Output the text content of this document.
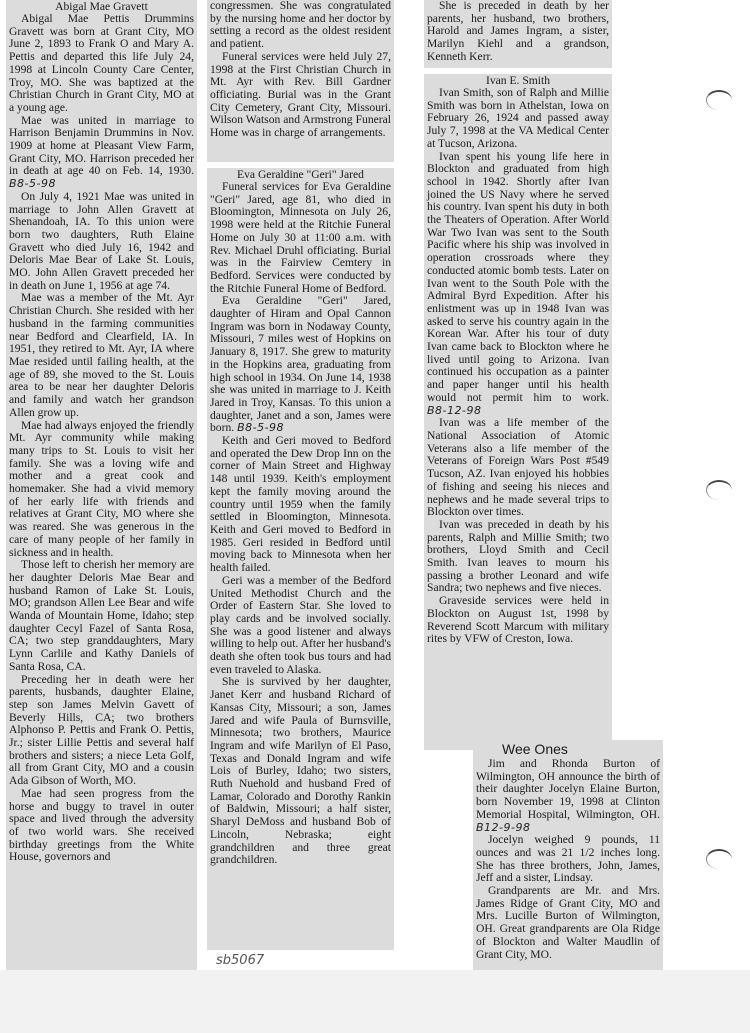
Abigal Mae Gravett

Abigal Mae Pettis Drummins Gravett was born at Grant City, MO June 2, 1893 to Frank O and Mary A. Pettis and departed this life July 24, 1998 at Lincoln County Care Center, Troy, MO. She was baptized at the Christian Church in Grant City, MO at a young age.

Mae was united in marriage to Harrison Benjamin Drummins in Nov. 1909 at home at Pleasant View Farm, Grant City, MO. Harrison preceded her in death at age 40 on Feb. 14, 1930. B8-5-98

On July 4, 1921 Mae was united in marriage to John Allen Gravett at Shenandoah, IA. To this union were born two daughters, Ruth Elaine Gravett who died July 16, 1942 and Deloris Mae Bear of Lake St. Louis, MO. John Allen Gravett preceded her in death on June 1, 1956 at age 74.

Mae was a member of the Mt. Ayr Christian Church. She resided with her husband in the farming communities near Bedford and Clearfield, IA. In 1951, they retired to Mt. Ayr, IA where Mae resided until failing health, at the age of 89, she moved to the St. Louis area to be near her daughter Deloris and family and watch her grandson Allen grow up.

Mae had always enjoyed the friendly Mt. Ayr community while making many trips to St. Louis to visit her family. She was a loving wife and mother and a great cook and homemaker. She had a vivid memory of her early life with friends and relatives at Grant City, MO where she was reared. She was generous in the care of many people of her family in sickness and in health.

Those left to cherish her memory are her daughter Deloris Mae Bear and husband Ramon of Lake St. Louis, MO; grandson Allen Lee Bear and wife Wanda of Mountain Home, Idaho; step daughter Cecyl Fazel of Santa Rosa, CA; two step granddaughters, Mary Lynn Carlile and Kathy Daniels of Santa Rosa, CA.

Preceding her in death were her parents, husbands, daughter Elaine, step son James Melvin Gavett of Beverly Hills, CA; two brothers Alphonso P. Pettis and Frank O. Pettis, Jr.; sister Lillie Pettis and several half brothers and sisters; a niece Leta Golf, all from Grant City, MO and a cousin Ada Gibson of Worth, MO.

Mae had seen progress from the horse and buggy to travel in outer space and lived through the adversity of two world wars. She received birthday greetings from the White House, governors and

congressmen. She was congratulated by the nursing home and her doctor by setting a record as the oldest resident and patient.

Funeral services were held July 27, 1998 at the First Christian Church in Mt. Ayr with Rev. Bill Gardner officiating. Burial was in the Grant City Cemetery, Grant City, Missouri. Wilson Watson and Armstrong Funeral Home was in charge of arrangements.

Eva Geraldine "Geri" Jared

Funeral services for Eva Geraldine "Geri" Jared, age 81, who died in Bloomington, Minnesota on July 26, 1998 were held at the Ritchie Funeral Home on July 30 at 11:00 a.m. with Rev. Michael Druhl officiating. Burial was in the Fairview Cemtery in Bedford. Services were conducted by the Ritchie Funeral Home of Bedford.

Eva Geraldine "Geri" Jared, daughter of Hiram and Opal Cannon Ingram was born in Nodaway County, Missouri, 7 miles west of Hopkins on January 8, 1917. She grew to maturity in the Hopkins area, graduating from high school in 1934. On June 14, 1938 she was united in marriage to J. Keith Jared in Troy, Kansas. To this union a daughter, Janet and a son, James were born. B8-5-98

Keith and Geri moved to Bedford and operated the Dew Drop Inn on the corner of Main Street and Highway 148 until 1939. Keith's employment kept the family moving around the country until 1959 when the family settled in Bloomington, Minnesota. Keith and Geri moved to Bedford in 1985. Geri resided in Bedford until moving back to Minnesota when her health failed.

Geri was a member of the Bedford United Methodist Church and the Order of Eastern Star. She loved to play cards and be involved socially. She was a good listener and always willing to help out. After her husband's death she often took bus tours and had even traveled to Alaska.

She is survived by her daughter, Janet Kerr and husband Richard of Kansas City, Missouri; a son, James Jared and wife Paula of Burnsville, Minnesota; two brothers, Maurice Ingram and wife Marilyn of El Paso, Texas and Donald Ingram and wife Lois of Burley, Idaho; two sisters, Ruth Nuehold and husband Fred of Lamar, Colorado and Dorothy Rankin of Baldwin, Missouri; a half sister, Sharyl DeMoss and husband Bob of Lincoln, Nebraska; eight grandchildren and three great grandchildren.

She is preceded in death by her parents, her husband, two brothers, Harold and James Ingram, a sister, Marilyn Kiehl and a grandson, Kenneth Kerr.

Ivan E. Smith

Ivan Smith, son of Ralph and Millie Smith was born in Athelstan, Iowa on February 26, 1924 and passed away July 7, 1998 at the VA Medical Center at Tucson, Arizona.

Ivan spent his young life here in Blockton and graduated from high school in 1942. Shortly after Ivan joined the US Navy where he served his country. Ivan spent his duty in both the Theaters of Operation. After World War Two Ivan was sent to the South Pacific where his ship was involved in operation crossroads where they conducted atomic bomb tests. Later on Ivan went to the South Pole with the Admiral Byrd Expedition. After his enlistment was up in 1948 Ivan was asked to serve his country again in the Korean War. After his tour of duty Ivan came back to Blockton where he lived until going to Arizona. Ivan continued his occupation as a painter and paper hanger until his health would not permit him to work. B8-12-98

Ivan was a life member of the National Association of Atomic Veterans also a life member of the Veterans of Foreign Wars Post #549 Tucson, AZ. Ivan enjoyed his hobbies of fishing and seeing his nieces and nephews and he made several trips to Blockton over times.

Ivan was preceded in death by his parents, Ralph and Millie Smith; two brothers, Lloyd Smith and Cecil Smith. Ivan leaves to mourn his passing a brother Leonard and wife Sandra; two nephews and five nieces.

Graveside services were held in Blockton on August 1st, 1998 by Reverend Scott Marcum with military rites by VFW of Creston, Iowa.

Wee Ones

Jim and Rhonda Burton of Wilmington, OH announce the birth of their daughter Jocelyn Elaine Burton, born November 19, 1998 at Clinton Memorial Hospital, Wilmington, OH. B12-9-98

Jocelyn weighed 9 pounds, 11 ounces and was 21 1/2 inches long. She has three brothers, John, James, Jeff and a sister, Lindsay.

Grandparents are Mr. and Mrs. James Ridge of Grant City, MO and Mrs. Lucille Burton of Wilmington, OH. Great grandparents are Ola Ridge of Blockton and Walter Maudlin of Grant City, MO.

sb5067
